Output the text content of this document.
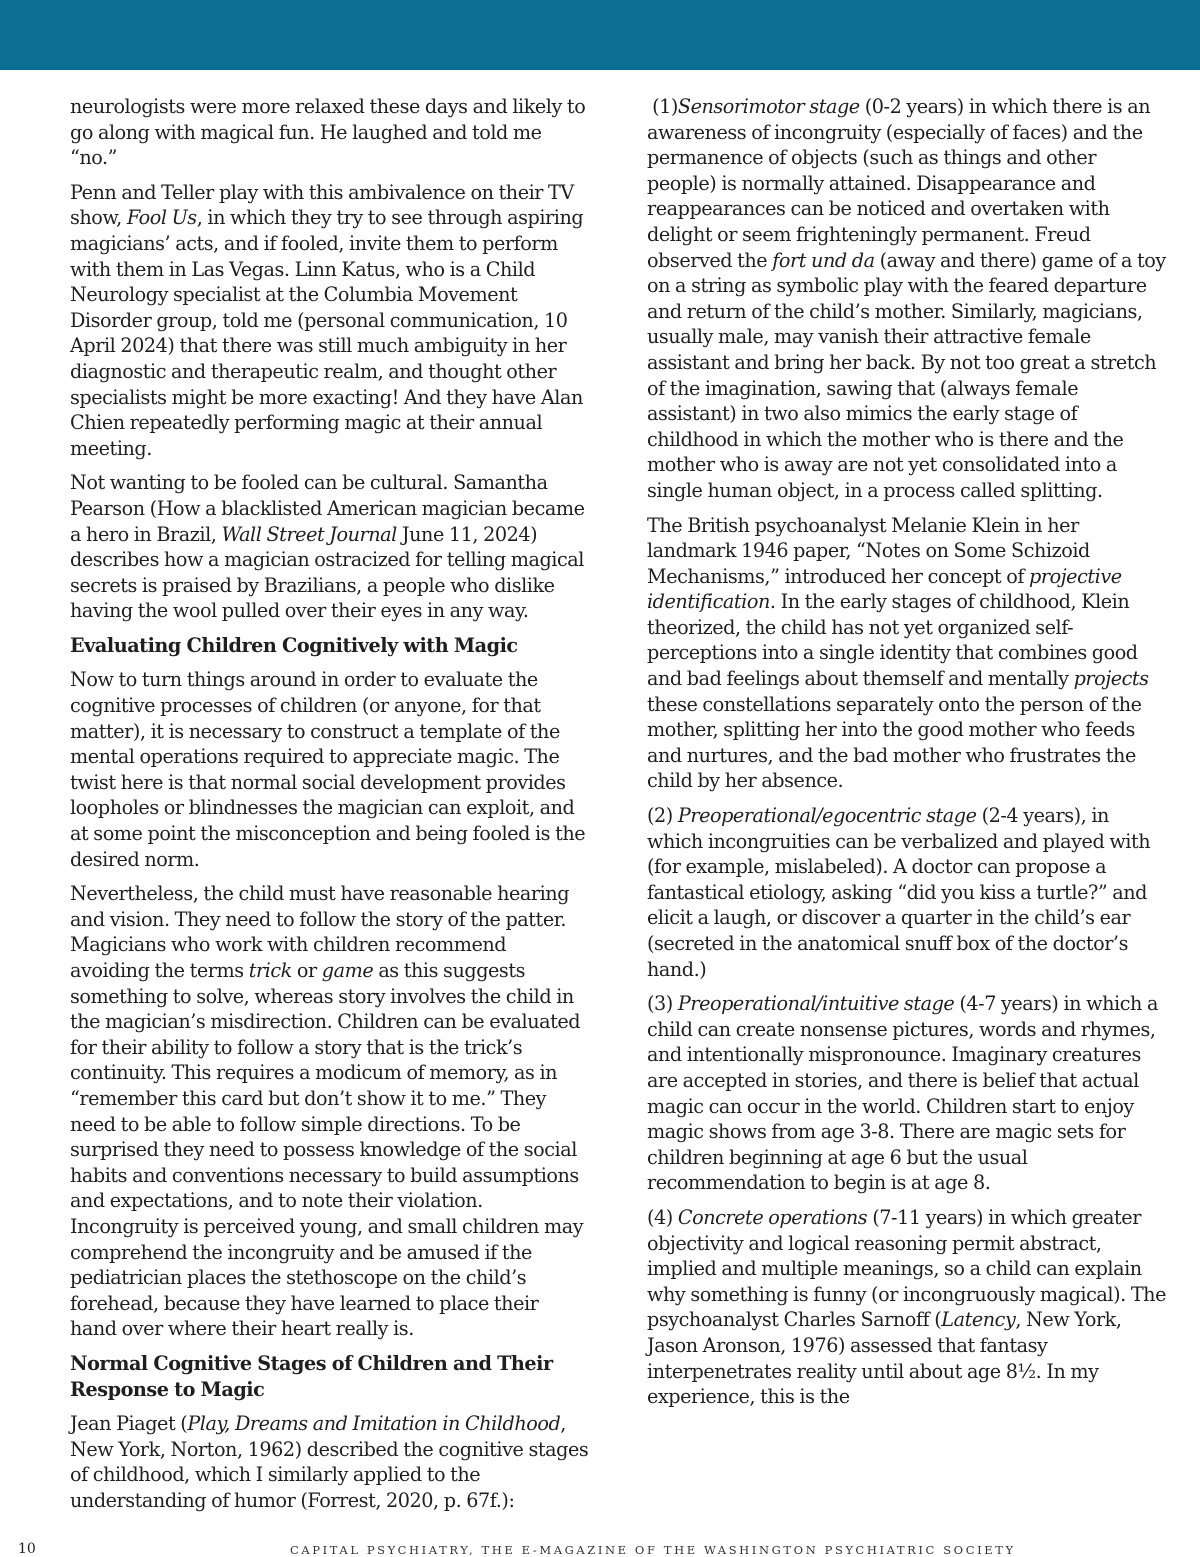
neurologists were more relaxed these days and likely to go along with magical fun. He laughed and told me “no.”

Penn and Teller play with this ambivalence on their TV show, Fool Us, in which they try to see through aspiring magicians’ acts, and if fooled, invite them to perform with them in Las Vegas. Linn Katus, who is a Child Neurology specialist at the Columbia Movement Disorder group, told me (personal communication, 10 April 2024) that there was still much ambiguity in her diagnostic and therapeutic realm, and thought other specialists might be more exacting! And they have Alan Chien repeatedly performing magic at their annual meeting.

Not wanting to be fooled can be cultural. Samantha Pearson (How a blacklisted American magician became a hero in Brazil, Wall Street Journal June 11, 2024) describes how a magician ostracized for telling magical secrets is praised by Brazilians, a people who dislike having the wool pulled over their eyes in any way.

Evaluating Children Cognitively with Magic

Now to turn things around in order to evaluate the cognitive processes of children (or anyone, for that matter), it is necessary to construct a template of the mental operations required to appreciate magic. The twist here is that normal social development provides loopholes or blindnesses the magician can exploit, and at some point the misconception and being fooled is the desired norm.

Nevertheless, the child must have reasonable hearing and vision. They need to follow the story of the patter. Magicians who work with children recommend avoiding the terms trick or game as this suggests something to solve, whereas story involves the child in the magician’s misdirection. Children can be evaluated for their ability to follow a story that is the trick’s continuity. This requires a modicum of memory, as in “remember this card but don’t show it to me.” They need to be able to follow simple directions. To be surprised they need to possess knowledge of the social habits and conventions necessary to build assumptions and expectations, and to note their violation. Incongruity is perceived young, and small children may comprehend the incongruity and be amused if the pediatrician places the stethoscope on the child’s forehead, because they have learned to place their hand over where their heart really is.

Normal Cognitive Stages of Children and Their Response to Magic

Jean Piaget (Play, Dreams and Imitation in Childhood, New York, Norton, 1962) described the cognitive stages of childhood, which I similarly applied to the understanding of humor (Forrest, 2020, p. 67f.):

(1)Sensorimotor stage (0-2 years) in which there is an awareness of incongruity (especially of faces) and the permanence of objects (such as things and other people) is normally attained. Disappearance and reappearances can be noticed and overtaken with delight or seem frighteningly permanent. Freud observed the fort und da (away and there) game of a toy on a string as symbolic play with the feared departure and return of the child’s mother. Similarly, magicians, usually male, may vanish their attractive female assistant and bring her back. By not too great a stretch of the imagination, sawing that (always female assistant) in two also mimics the early stage of childhood in which the mother who is there and the mother who is away are not yet consolidated into a single human object, in a process called splitting.

The British psychoanalyst Melanie Klein in her landmark 1946 paper, “Notes on Some Schizoid Mechanisms,” introduced her concept of projective identification. In the early stages of childhood, Klein theorized, the child has not yet organized self-perceptions into a single identity that combines good and bad feelings about themself and mentally projects these constellations separately onto the person of the mother, splitting her into the good mother who feeds and nurtures, and the bad mother who frustrates the child by her absence.

(2) Preoperational/egocentric stage (2-4 years), in which incongruities can be verbalized and played with (for example, mislabeled). A doctor can propose a fantastical etiology, asking “did you kiss a turtle?” and elicit a laugh, or discover a quarter in the child’s ear (secreted in the anatomical snuff box of the doctor’s hand.)

(3) Preoperational/intuitive stage (4-7 years) in which a child can create nonsense pictures, words and rhymes, and intentionally mispronounce. Imaginary creatures are accepted in stories, and there is belief that actual magic can occur in the world. Children start to enjoy magic shows from age 3-8. There are magic sets for children beginning at age 6 but the usual recommendation to begin is at age 8.

(4) Concrete operations (7-11 years) in which greater objectivity and logical reasoning permit abstract, implied and multiple meanings, so a child can explain why something is funny (or incongruously magical). The psychoanalyst Charles Sarnoff (Latency, New York, Jason Aronson, 1976) assessed that fantasy interpenetrates reality until about age 8½. In my experience, this is the

10	CAPITAL PSYCHIATRY, THE E-MAGAZINE OF THE WASHINGTON PSYCHIATRIC SOCIETY
